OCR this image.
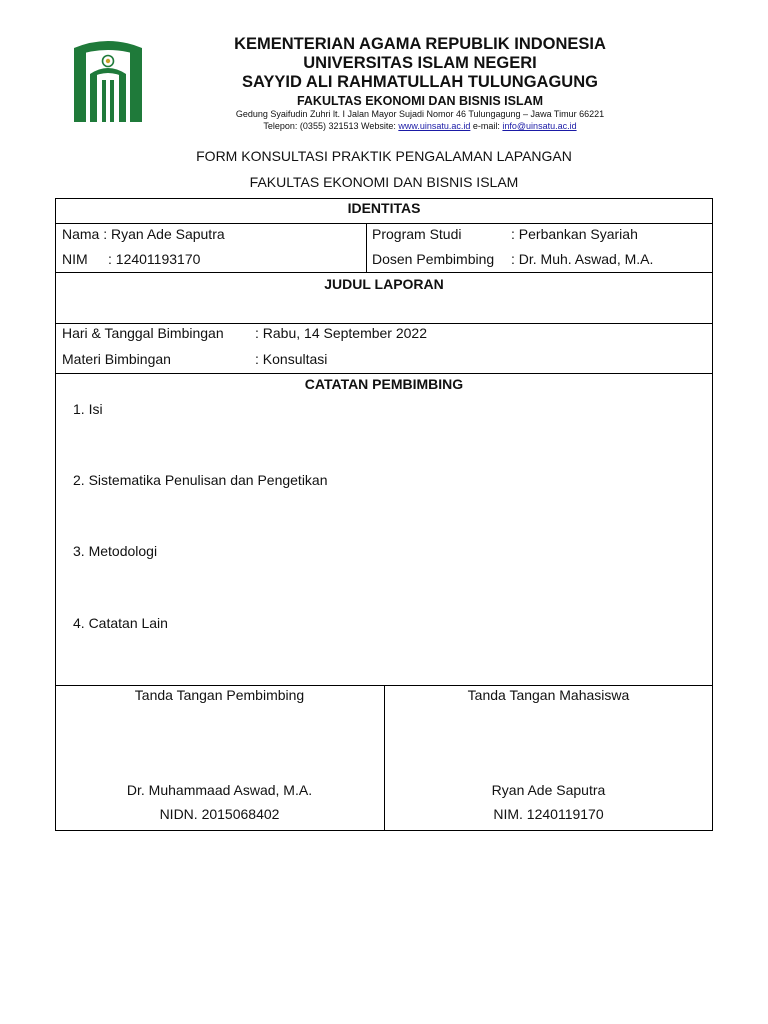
KEMENTERIAN AGAMA REPUBLIK INDONESIA
UNIVERSITAS ISLAM NEGERI
SAYYID ALI RAHMATULLAH TULUNGAGUNG
FAKULTAS EKONOMI DAN BISNIS ISLAM
Gedung Syaifudin Zuhri lt. I Jalan Mayor Sujadi Nomor 46 Tulungagung – Jawa Timur 66221
Telepon: (0355) 321513 Website: www.uinsatu.ac.id e-mail: info@uinsatu.ac.id
FORM KONSULTASI PRAKTIK PENGALAMAN LAPANGAN
FAKULTAS EKONOMI DAN BISNIS ISLAM
IDENTITAS
Nama : Ryan Ade Saputra
NIM : 12401193170
Program Studi	: Perbankan Syariah
Dosen Pembimbing : Dr. Muh. Aswad, M.A.
JUDUL LAPORAN
Hari & Tanggal Bimbingan : Rabu, 14 September 2022
Materi Bimbingan	: Konsultasi
CATATAN PEMBIMBING
1. Isi
2. Sistematika Penulisan dan Pengetikan
3. Metodologi
4. Catatan Lain
Tanda Tangan Pembimbing
Dr. Muhammaad Aswad, M.A.
NIDN. 2015068402
Tanda Tangan Mahasiswa
Ryan Ade Saputra
NIM. 1240119170
